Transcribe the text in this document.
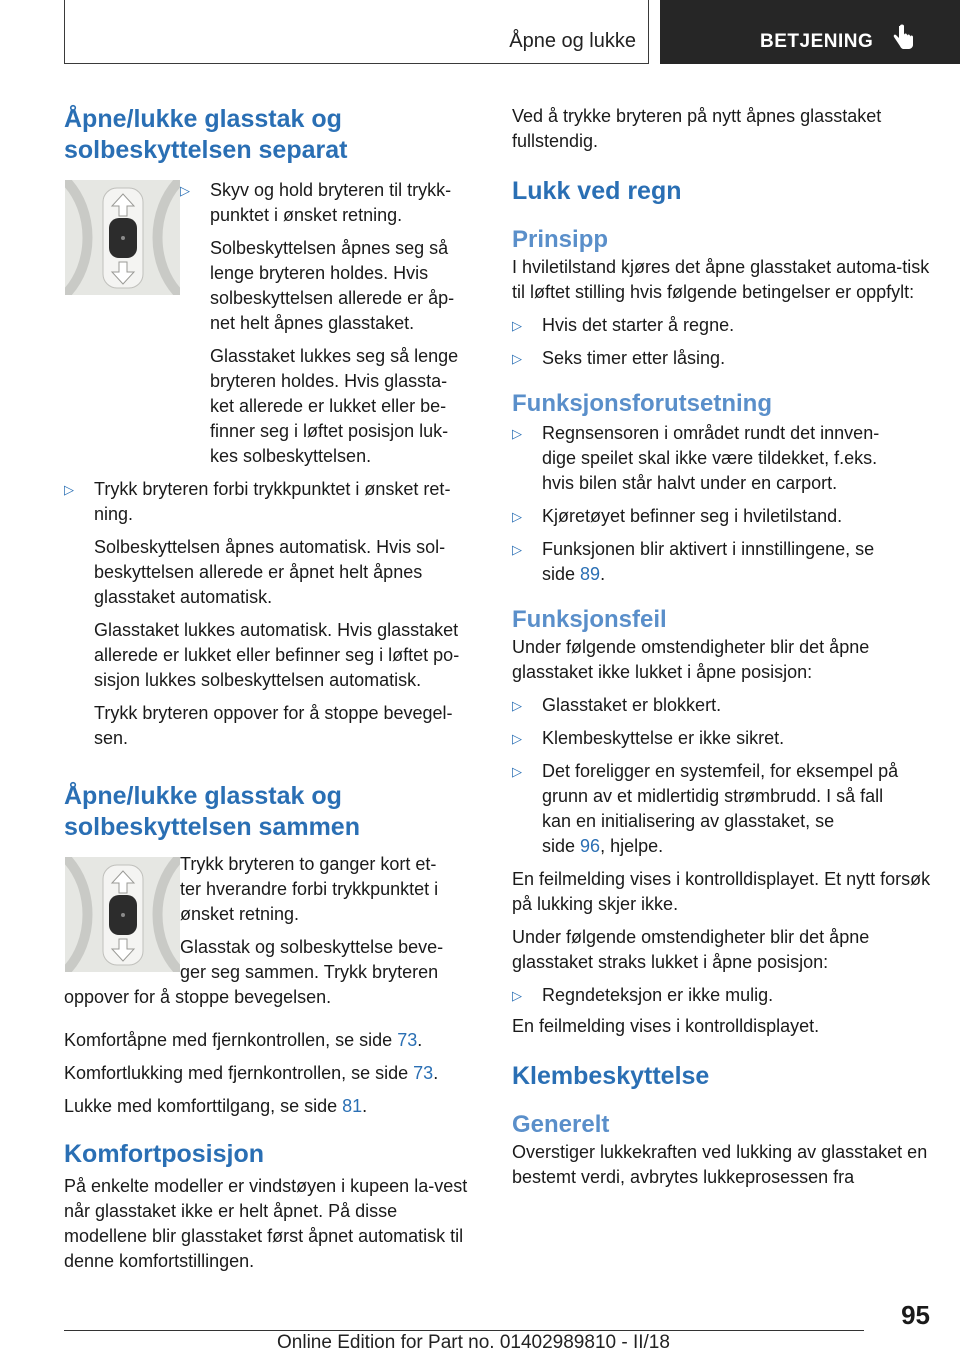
Åpne og lukke	BETJENING

Åpne/lukke glasstak og solbeskyttelsen separat

▷ Skyv og hold bryteren til trykk-
punktet i ønsket retning.
Solbeskyttelsen åpnes seg så
lenge bryteren holdes. Hvis
solbeskyttelsen allerede er åp-
net helt åpnes glasstaket.
Glasstaket lukkes seg så lenge
bryteren holdes. Hvis glassta-
ket allerede er lukket eller be-
finner seg i løftet posisjon luk-
kes solbeskyttelsen.
▷ Trykk bryteren forbi trykkpunktet i ønsket ret-
ning.
Solbeskyttelsen åpnes automatisk. Hvis sol-beskyttelsen allerede er åpnet helt åpnes glasstaket automatisk.
Glasstaket lukkes automatisk. Hvis glasstaket allerede er lukket eller befinner seg i løftet po-sisjon lukkes solbeskyttelsen automatisk.
Trykk bryteren oppover for å stoppe bevegel-sen.

Åpne/lukke glasstak og solbeskyttelsen sammen

Trykk bryteren to ganger kort et-
ter hverandre forbi trykkpunktet i
ønsket retning.
Glasstak og solbeskyttelse beve-
ger seg sammen. Trykk bryteren
oppover for å stoppe bevegelsen.

Komfortåpne med fjernkontrollen, se side 73.

Komfortlukking med fjernkontrollen, se side 73.

Lukke med komforttilgang, se side 81.

Komfortposisjon

På enkelte modeller er vindstøyen i kupeen la-vest når glasstaket ikke er helt åpnet. På disse modellene blir glasstaket først åpnet automatisk til denne komfortstillingen.

Ved å trykke bryteren på nytt åpnes glasstaket fullstendig.

Lukk ved regn

Prinsipp

I hviletilstand kjøres det åpne glasstaket automa-tisk til løftet stilling hvis følgende betingelser er oppfylt:

▷ Hvis det starter å regne.
▷ Seks timer etter låsing.

Funksjonsforutsetning

▷ Regnsensoren i området rundt det innven-
dige speilet skal ikke være tildekket, f.eks.
hvis bilen står halvt under en carport.
▷ Kjøretøyet befinner seg i hviletilstand.
▷ Funksjonen blir aktivert i innstillingene, se
side 89.

Funksjonsfeil

Under følgende omstendigheter blir det åpne glasstaket ikke lukket i åpne posisjon:

▷ Glasstaket er blokkert.
▷ Klembeskyttelse er ikke sikret.
▷ Det foreligger en systemfeil, for eksempel på
grunn av et midlertidig strømbrudd. I så fall
kan en initialisering av glasstaket, se
side 96, hjelpe.

En feilmelding vises i kontrolldisplayet. Et nytt forsøk på lukking skjer ikke.

Under følgende omstendigheter blir det åpne glasstaket straks lukket i åpne posisjon:

▷ Regndeteksjon er ikke mulig.

En feilmelding vises i kontrolldisplayet.

Klembeskyttelse

Generelt

Overstiger lukkekraften ved lukking av glasstaket en bestemt verdi, avbrytes lukkeprosessen fra

95
Online Edition for Part no. 01402989810 - II/18
